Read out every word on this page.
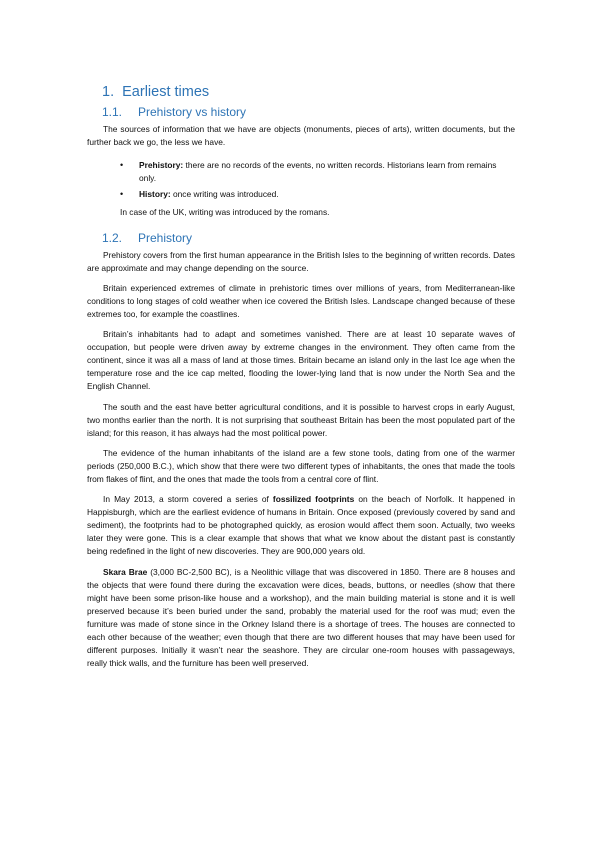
1. Earliest times
1.1.	Prehistory vs history

The sources of information that we have are objects (monuments, pieces of arts), written documents, but the further back we go, the less we have.

• Prehistory: there are no records of the events, no written records. Historians learn from remains only.
• History: once writing was introduced.

In case of the UK, writing was introduced by the romans.

1.2.	Prehistory

Prehistory covers from the first human appearance in the British Isles to the beginning of written records. Dates are approximate and may change depending on the source.

Britain experienced extremes of climate in prehistoric times over millions of years, from Mediterranean-like conditions to long stages of cold weather when ice covered the British Isles. Landscape changed because of these extremes too, for example the coastlines.

Britain’s inhabitants had to adapt and sometimes vanished. There are at least 10 separate waves of occupation, but people were driven away by extreme changes in the environment. They often came from the continent, since it was all a mass of land at those times. Britain became an island only in the last Ice age when the temperature rose and the ice cap melted, flooding the lower-lying land that is now under the North Sea and the English Channel.

The south and the east have better agricultural conditions, and it is possible to harvest crops in early August, two months earlier than the north. It is not surprising that southeast Britain has been the most populated part of the island; for this reason, it has always had the most political power.

The evidence of the human inhabitants of the island are a few stone tools, dating from one of the warmer periods (250,000 B.C.), which show that there were two different types of inhabitants, the ones that made the tools from flakes of flint, and the ones that made the tools from a central core of flint.

In May 2013, a storm covered a series of fossilized footprints on the beach of Norfolk. It happened in Happisburgh, which are the earliest evidence of humans in Britain. Once exposed (previously covered by sand and sediment), the footprints had to be photographed quickly, as erosion would affect them soon. Actually, two weeks later they were gone. This is a clear example that shows that what we know about the distant past is constantly being redefined in the light of new discoveries. They are 900,000 years old.

Skara Brae (3,000 BC-2,500 BC), is a Neolithic village that was discovered in 1850. There are 8 houses and the objects that were found there during the excavation were dices, beads, buttons, or needles (show that there might have been some prison-like house and a workshop), and the main building material is stone and it is well preserved because it’s been buried under the sand, probably the material used for the roof was mud; even the furniture was made of stone since in the Orkney Island there is a shortage of trees. The houses are connected to each other because of the weather; even though that there are two different houses that may have been used for different purposes. Initially it wasn’t near the seashore. They are circular one-room houses with passageways, really thick walls, and the furniture has been well preserved.
